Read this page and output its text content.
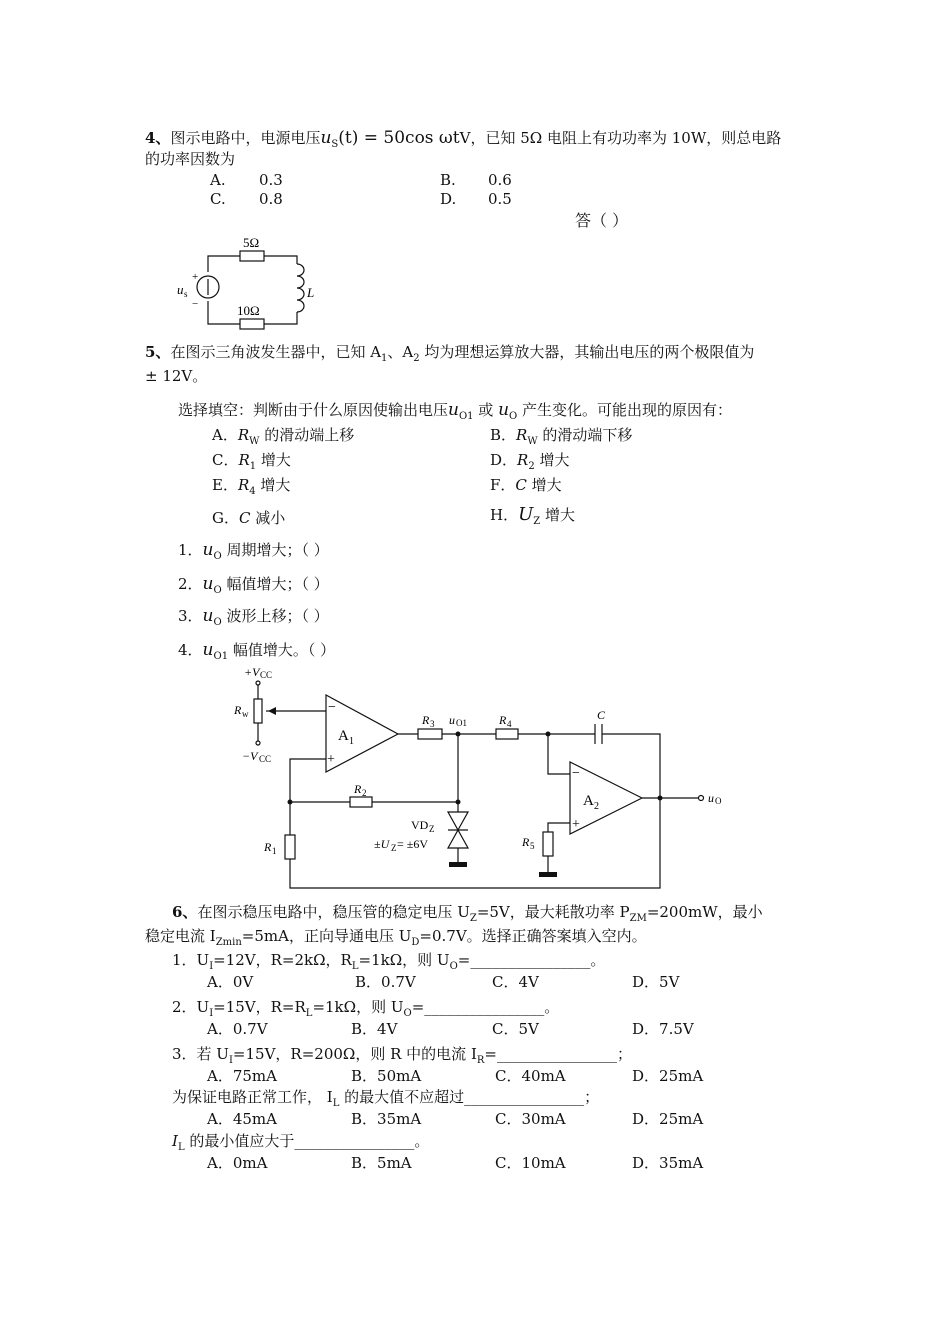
4、图示电路中，电源电压$u_S(t) = 50\cos$ ωtV，已知 5Ω 电阻上有功功率为 10W，则总电路
的功率因数为
A. 0.3	B. 0.6
C. 0.8	D. 0.5
答（ ）
5Ω
10Ω
u s
+
−
L
5、在图示三角波发生器中，已知 $A_1$、$A_2$ 均为理想运算放大器，其输出电压的两个极限值为
± 12V。
选择填空：判断由于什么原因使输出电压$u_{O1}$ 或 $u_O$ 产生变化。可能出现的原因有：
A．$R_W$ 的滑动端上移	B．$R_W$ 的滑动端下移
C．$R_1$ 增大	D．$R_2$ 增大
E．$R_4$ 增大	F．C 增大
G．C 减小	H．$U_Z$ 增大
1．$u_O$ 周期增大；（ ）
2．$u_O$ 幅值增大；（ ）
3．$u_O$ 波形上移；（ ）
4．$u_{O1}$ 幅值增大。（ ）
+V CC
−V CC
R w
A 1
−
+
A 2
−
+
R 3 u O1	R 4
C
u O
R 2
R 1
R 5
VD Z
±U Z = ±6V
6、在图示稳压电路中，稳压管的稳定电压 $U_Z=5V$，最大耗散功率 $P_{ZM}=200mW$，最小
稳定电流 $I_{Zmin}=5mA$，正向导通电压 $U_D=0.7V$。选择正确答案填入空内。
1．$U_I=12V$，R=2kΩ，$R_L=1k\Omega$，则 $U_O=\_\_\_\_\_\_\_\_\_\_\_\_\_\_\_\_$。
A．0V	B．0.7V	C．4V	D．5V
2．$U_I=15V$，$R=R_L=1k\Omega$，则 $U_O=\_\_\_\_\_\_\_\_\_\_\_\_\_\_\_\_$。
A．0.7V	B．4V	C．5V	D．7.5V
3．若 $U_I=15V$，R=200Ω，则 R 中的电流 $I_R=\_\_\_\_\_\_\_\_\_\_\_\_\_\_\_\_$；
A．75mA	B．50mA	C．40mA	D．25mA
为保证电路正常工作， $I_L$ 的最大值不应超过________________；
A．45mA	B．35mA	C．30mA	D．25mA
$I_L$ 的最小值应大于________________。
A．0mA	B．5mA	C．10mA	D．35mA
